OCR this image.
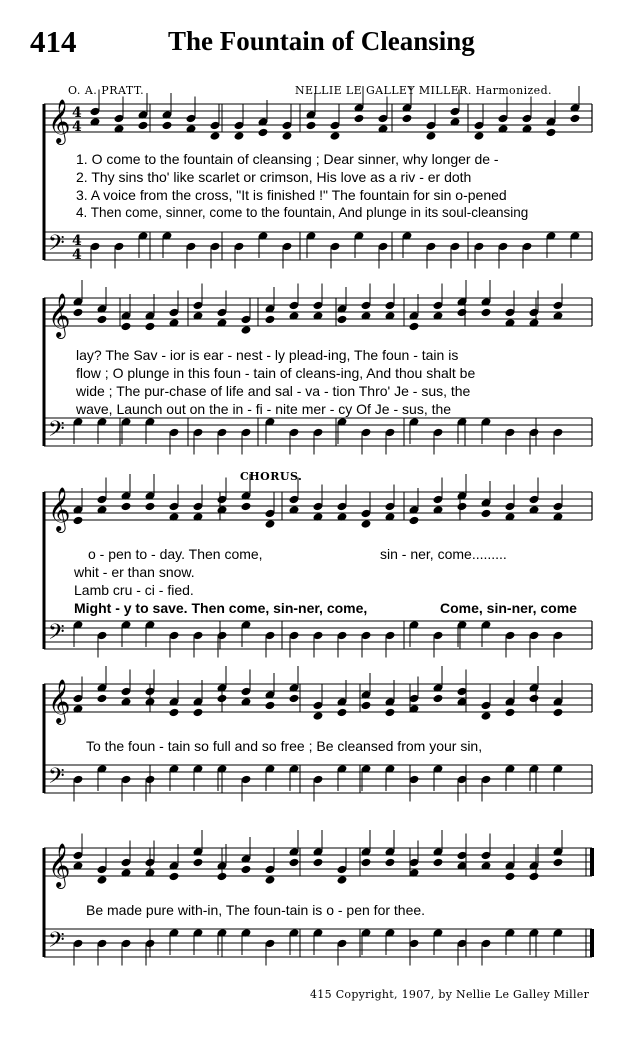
𝄞 4
4
𝄢 4
4
𝄞
𝄢
𝄞
𝄢
𝄞
𝄢
𝄞
𝄢
414	The Fountain of Cleansing
O. A. PRATT.	NELLIE LE GALLEY MILLER. Harmonized.
1. O come to the fountain of cleansing ; Dear sinner, why longer de -
2. Thy sins tho' like scarlet or crimson, His love as a riv - er doth
3. A voice from the cross, "It is finished !" The fountain for sin o-pened
4. Then come, sinner, come to the fountain, And plunge in its soul-cleansing
lay? The Sav - ior is ear - nest - ly plead-ing, The foun - tain is
flow ; O plunge in this foun - tain of cleans-ing, And thou shalt be
wide ; The pur-chase of life and sal - va - tion Thro' Je - sus, the
wave, Launch out on the in - fi - nite mer - cy Of Je - sus, the
CHORUS.
o - pen to - day. Then come,	sin - ner, come.........
whit - er than snow.
Lamb cru - ci - fied.
Might - y to save. Then come, sin-ner, come,	Come, sin-ner, come
To the foun - tain so full and so free ; Be cleansed from your sin,
Be made pure with-in, The foun-tain is o - pen for thee.
415 Copyright, 1907, by Nellie Le Galley Miller
